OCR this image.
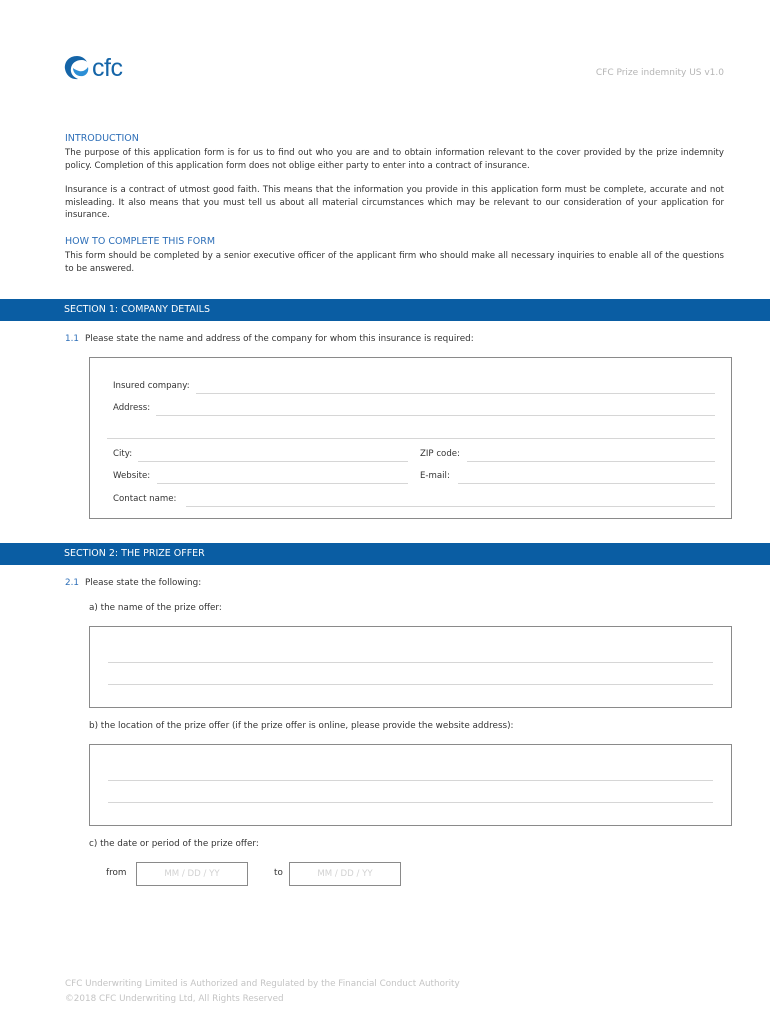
cfc	CFC Prize indemnity US v1.0
INTRODUCTION
The purpose of this application form is for us to find out who you are and to obtain information relevant to the cover provided by the prize indemnity policy. Completion of this application form does not oblige either party to enter into a contract of insurance.
Insurance is a contract of utmost good faith. This means that the information you provide in this application form must be complete, accurate and not misleading. It also means that you must tell us about all material circumstances which may be relevant to our consideration of your application for insurance.
HOW TO COMPLETE THIS FORM
This form should be completed by a senior executive officer of the applicant firm who should make all necessary inquiries to enable all of the questions to be answered.
SECTION 1: COMPANY DETAILS
1.1 Please state the name and address of the company for whom this insurance is required:
Insured company:
Address:
City:	ZIP code:
Website:	E-mail:
Contact name:
SECTION 2: THE PRIZE OFFER
2.1 Please state the following:
a) the name of the prize offer:
b) the location of the prize offer (if the prize offer is online, please provide the website address):
c) the date or period of the prize offer:
from	MM / DD / YY	to	MM / DD / YY
CFC Underwriting Limited is Authorized and Regulated by the Financial Conduct Authority
©2018 CFC Underwriting Ltd, All Rights Reserved
